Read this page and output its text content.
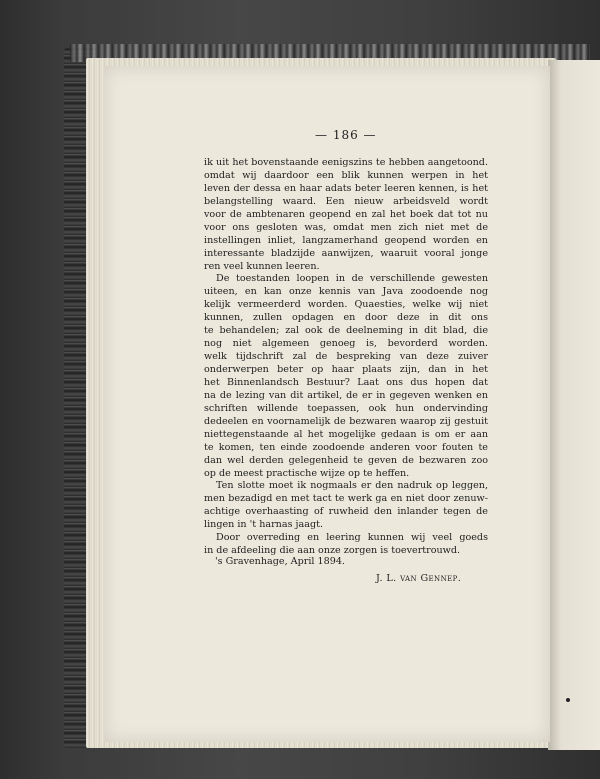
— 186 —
ik uit het bovenstaande eenigszins te hebben aangetoond.
omdat wij daardoor een blik kunnen werpen in het
leven der dessa en haar adats beter leeren kennen, is het
belangstelling waard. Een nieuw arbeidsveld wordt
voor de ambtenaren geopend en zal het boek dat tot nu
voor ons gesloten was, omdat men zich niet met de
instellingen inliet, langzamerhand geopend worden en
interessante bladzijde aanwijzen, waaruit vooral jonge
ren veel kunnen leeren.
De toestanden loopen in de verschillende gewesten
uiteen, en kan onze kennis van Java zoodoende nog
kelijk vermeerderd worden. Quaesties, welke wij niet
kunnen, zullen opdagen en door deze in dit ons
te behandelen; zal ook de deelneming in dit blad, die
nog niet algemeen genoeg is, bevorderd worden.
welk tijdschrift zal de bespreking van deze zuiver
onderwerpen beter op haar plaats zijn, dan in het
het Binnenlandsch Bestuur? Laat ons dus hopen dat
na de lezing van dit artikel, de er in gegeven wenken en
schriften willende toepassen, ook hun ondervinding
dedeelen en voornamelijk de bezwaren waarop zij gestuit
niettegenstaande al het mogelijke gedaan is om er aan
te komen, ten einde zoodoende anderen voor fouten te
dan wel derden gelegenheid te geven de bezwaren zoo
op de meest practische wijze op te heffen.
Ten slotte moet ik nogmaals er den nadruk op leggen,
men bezadigd en met tact te werk ga en niet door zenuw-
achtige overhaasting of ruwheid den inlander tegen de
lingen in 't harnas jaagt.
Door overreding en leering kunnen wij veel goeds
in de afdeeling die aan onze zorgen is toevertrouwd.
's Gravenhage, April 1894.
J. L. van Gennep.
